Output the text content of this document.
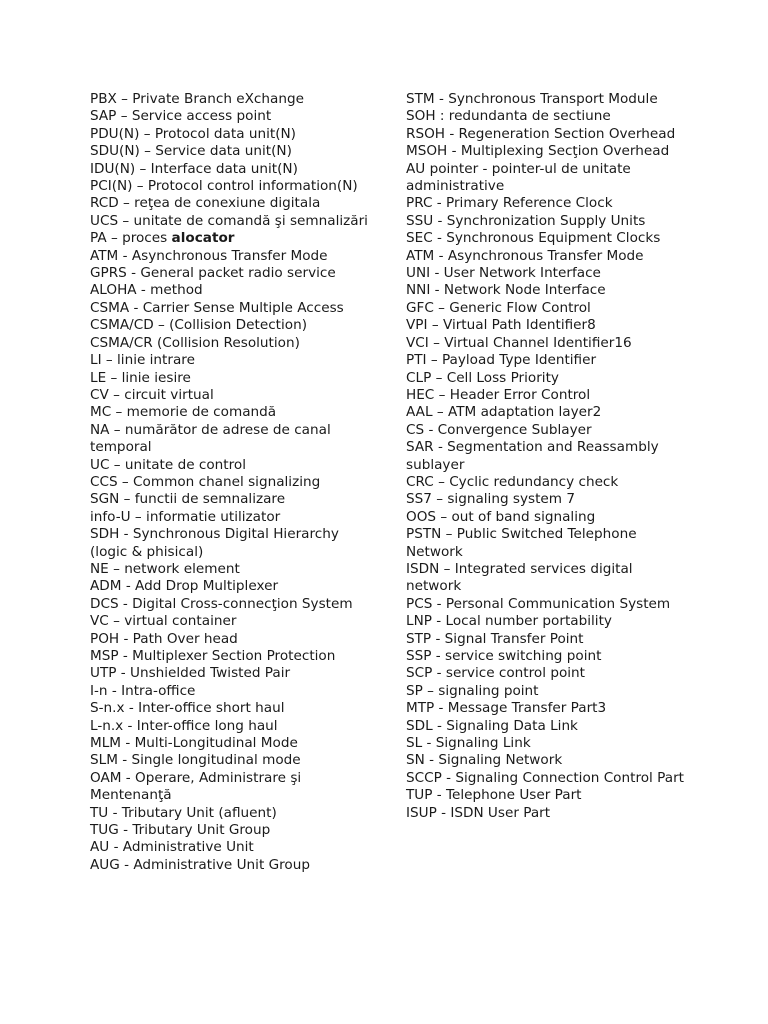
PBX – Private Branch eXchange
SAP – Service access point
PDU(N) – Protocol data unit(N)
SDU(N) – Service data unit(N)
IDU(N) – Interface data unit(N)
PCI(N) – Protocol control information(N)
RCD – reţea de conexiune digitala
UCS – unitate de comandă şi semnalizări
PA – proces alocator
ATM - Asynchronous Transfer Mode
GPRS - General packet radio service
ALOHA - method
CSMA - Carrier Sense Multiple Access
CSMA/CD – (Collision Detection)
CSMA/CR (Collision Resolution)
LI – linie intrare
LE – linie iesire
CV – circuit virtual
MC – memorie de comandă
NA – numărător de adrese de canal temporal
UC – unitate de control
CCS – Common chanel signalizing
SGN – functii de semnalizare
info-U – informatie utilizator
SDH - Synchronous Digital Hierarchy (logic & phisical)
NE – network element
ADM - Add Drop Multiplexer
DCS - Digital Cross-connecţion System
VC – virtual container
POH - Path Over head
MSP - Multiplexer Section Protection
UTP - Unshielded Twisted Pair
I-n - Intra-office
S-n.x - Inter-office short haul
L-n.x - Inter-office long haul
MLM - Multi-Longitudinal Mode
SLM - Single longitudinal mode
OAM - Operare, Administrare şi Mentenanţă
TU - Tributary Unit (afluent)
TUG - Tributary Unit Group
AU - Administrative Unit
AUG - Administrative Unit Group
STM - Synchronous Transport Module
SOH : redundanta de sectiune
RSOH - Regeneration Section Overhead
MSOH - Multiplexing Secţion Overhead
AU pointer - pointer-ul de unitate administrative
PRC - Primary Reference Clock
SSU - Synchronization Supply Units
SEC - Synchronous Equipment Clocks
ATM - Asynchronous Transfer Mode
UNI - User Network Interface
NNI - Network Node Interface
GFC – Generic Flow Control
VPI – Virtual Path Identifier8
VCI – Virtual Channel Identifier16
PTI – Payload Type Identifier
CLP – Cell Loss Priority
HEC – Header Error Control
AAL – ATM adaptation layer2
CS - Convergence Sublayer
SAR - Segmentation and Reassambly sublayer
CRC – Cyclic redundancy check
SS7 – signaling system 7
OOS – out of band signaling
PSTN – Public Switched Telephone Network
ISDN – Integrated services digital network
PCS - Personal Communication System
LNP - Local number portability
STP - Signal Transfer Point
SSP - service switching point
SCP - service control point
SP – signaling point
MTP - Message Transfer Part3
SDL - Signaling Data Link
SL - Signaling Link
SN - Signaling Network
SCCP - Signaling Connection Control Part
TUP - Telephone User Part
ISUP - ISDN User Part
